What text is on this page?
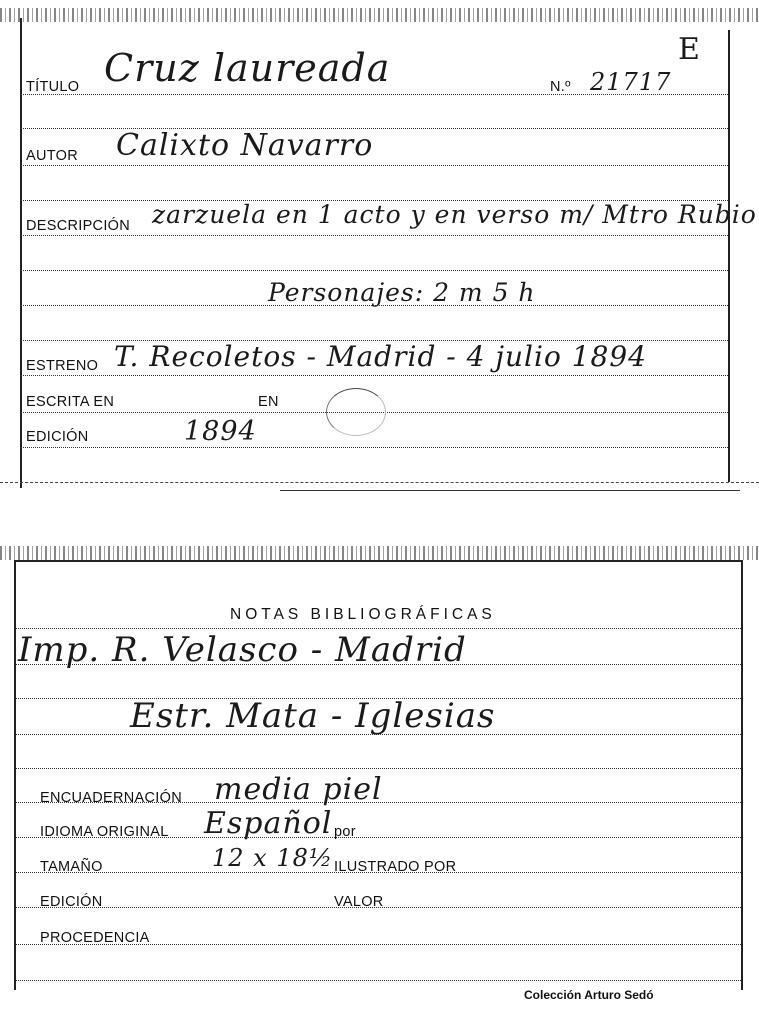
TÍTULO Cruz laureada	N.º 21717
E
AUTOR Calixto Navarro
DESCRIPCIÓN zarzuela en 1 acto y en verso m/ Mtro Rubio
Personajes: 2 m 5 h
ESTRENO T. Recoletos - Madrid - 4 julio 1894
ESCRITA EN	EN
EDICIÓN	1894
NOTAS BIBLIOGRÁFICAS
Imp. R. Velasco - Madrid
Estr. Mata - Iglesias
ENCUADERNACIÓN media piel
IDIOMA ORIGINAL Español por
TAMAÑO	12 x 18½ ILUSTRADO POR
EDICIÓN	VALOR
PROCEDENCIA
Colección Arturo Sedó
